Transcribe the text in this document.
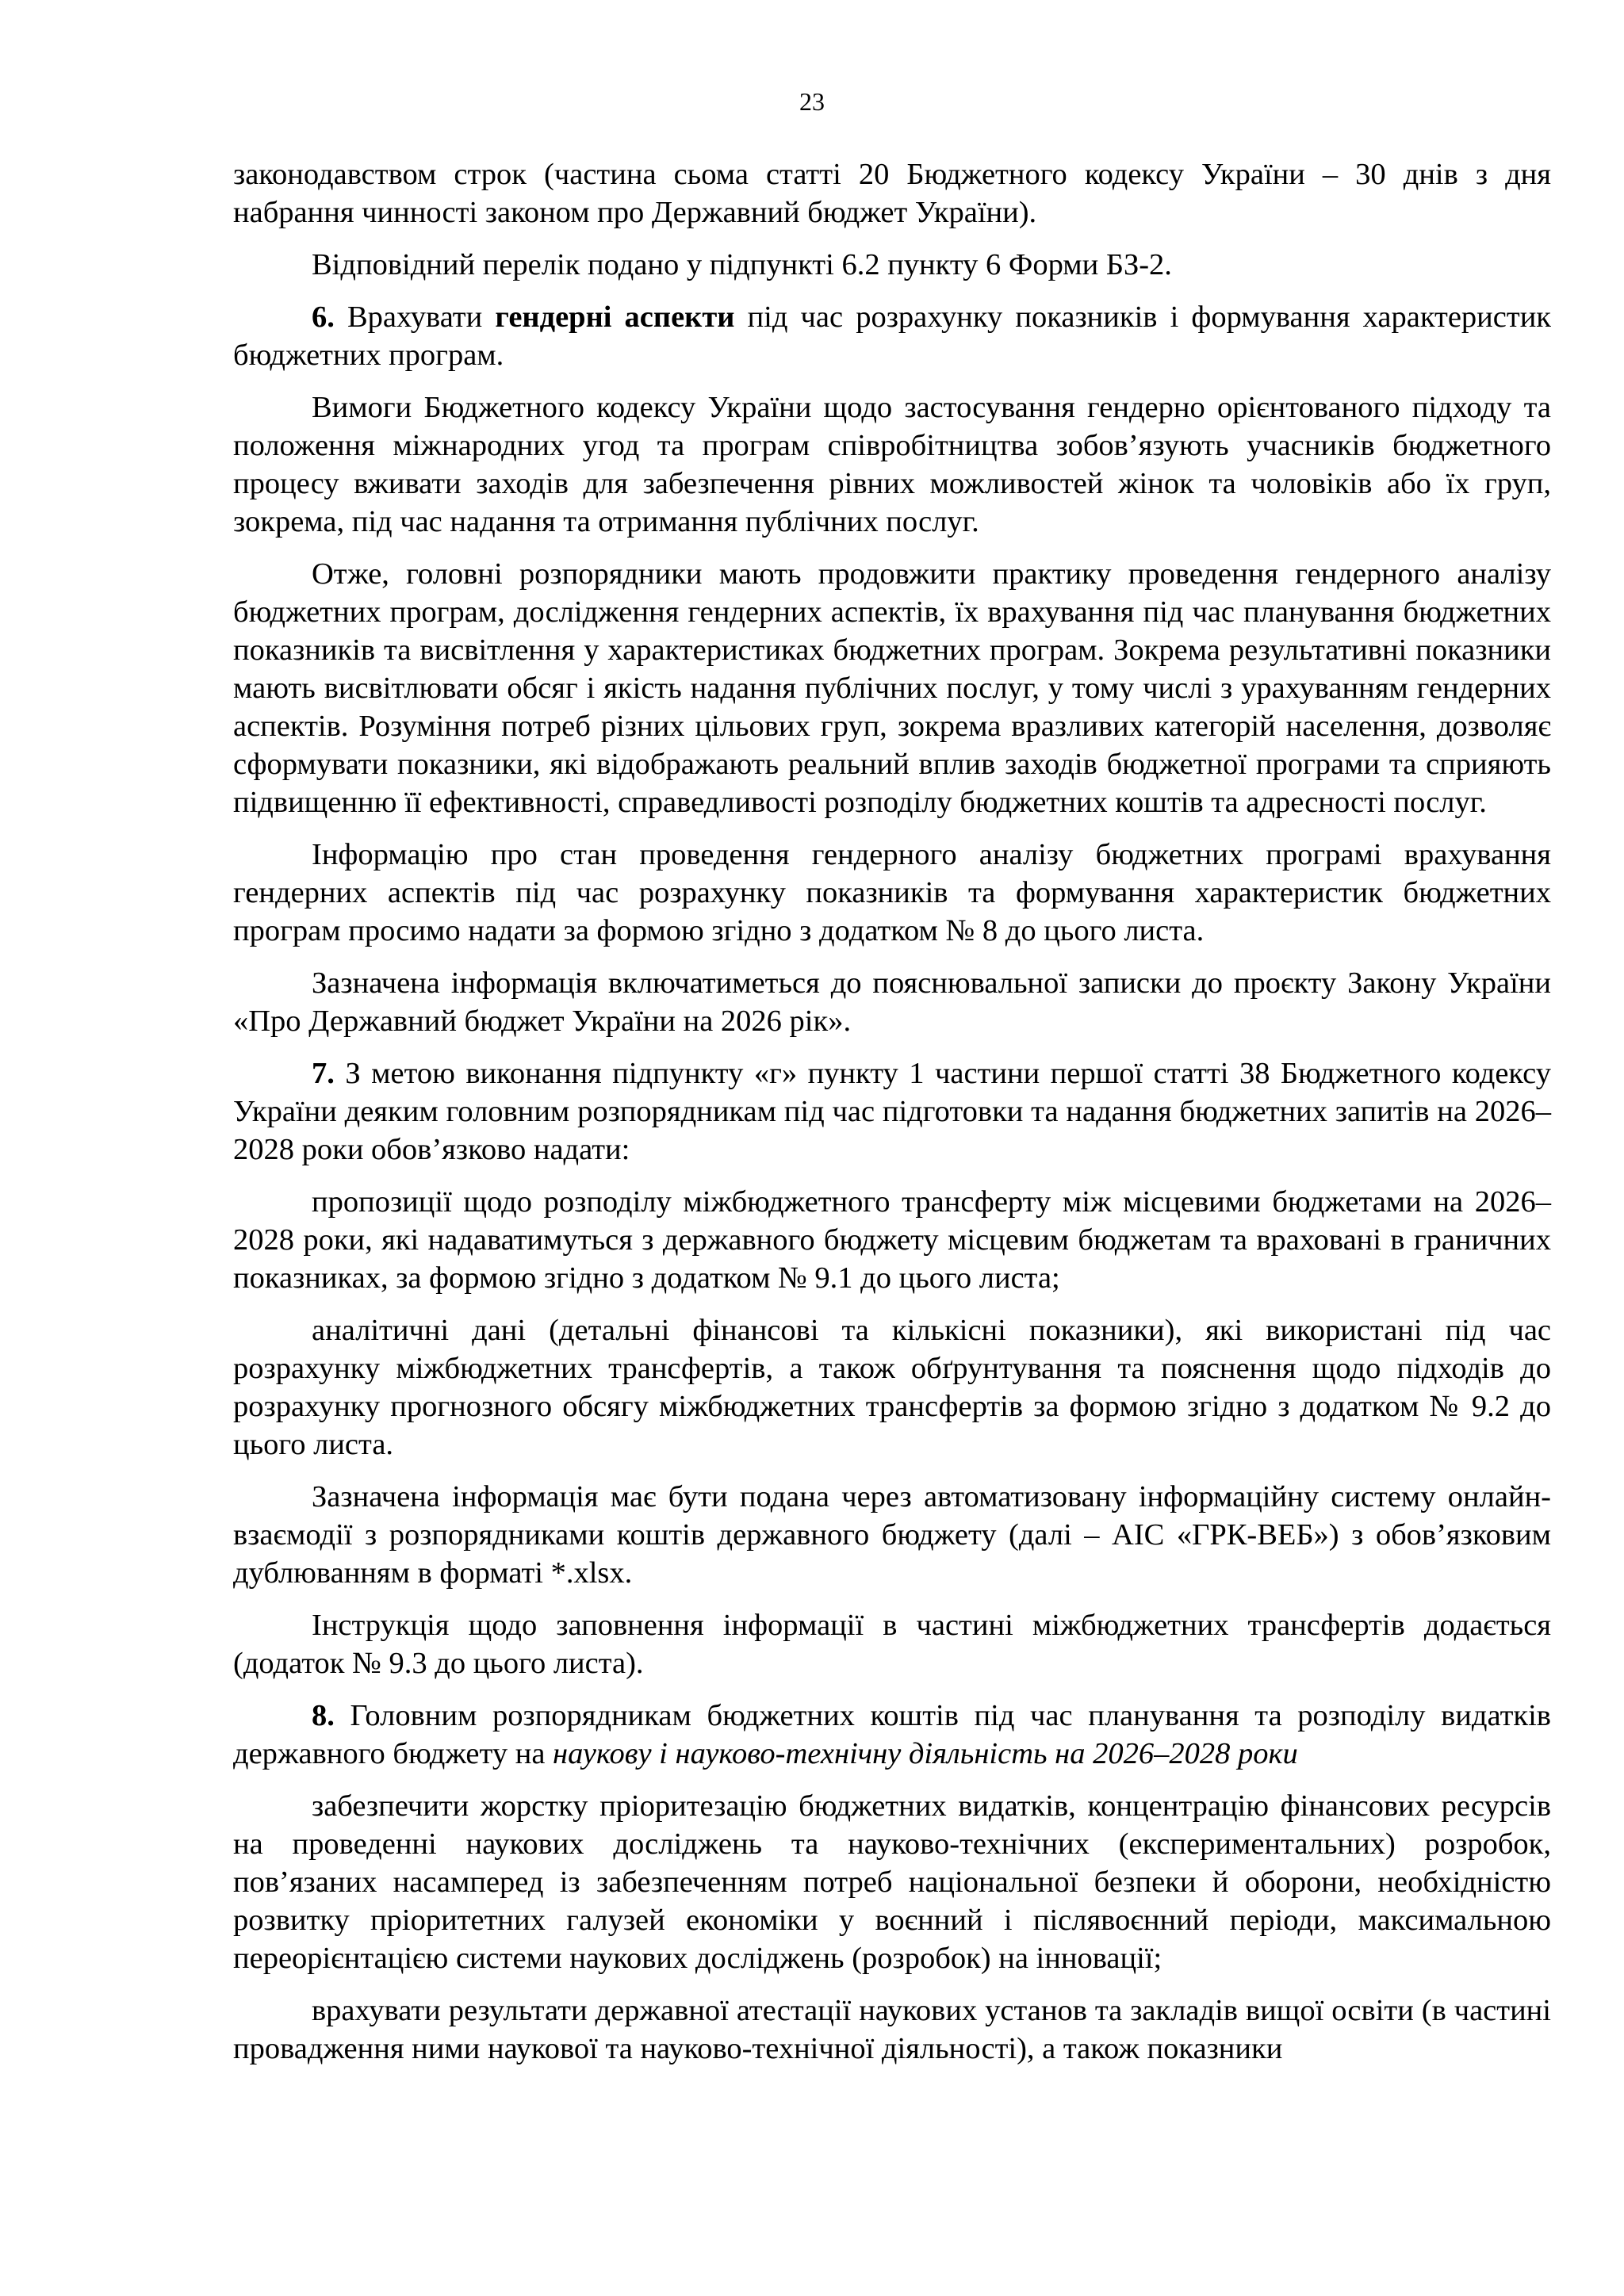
23

законодавством строк (частина сьома статті 20 Бюджетного кодексу України – 30 днів з дня набрання чинності законом про Державний бюджет України).

Відповідний перелік подано у підпункті 6.2 пункту 6 Форми БЗ-2.

6. Врахувати гендерні аспекти під час розрахунку показників і формування характеристик бюджетних програм.

Вимоги Бюджетного кодексу України щодо застосування гендерно орієнтованого підходу та положення міжнародних угод та програм співробітництва зобов’язують учасників бюджетного процесу вживати заходів для забезпечення рівних можливостей жінок та чоловіків або їх груп, зокрема, під час надання та отримання публічних послуг.

Отже, головні розпорядники мають продовжити практику проведення гендерного аналізу бюджетних програм, дослідження гендерних аспектів, їх врахування під час планування бюджетних показників та висвітлення у характеристиках бюджетних програм. Зокрема результативні показники мають висвітлювати обсяг і якість надання публічних послуг, у тому числі з урахуванням гендерних аспектів. Розуміння потреб різних цільових груп, зокрема вразливих категорій населення, дозволяє сформувати показники, які відображають реальний вплив заходів бюджетної програми та сприяють підвищенню її ефективності, справедливості розподілу бюджетних коштів та адресності послуг.

Інформацію про стан проведення гендерного аналізу бюджетних програмі врахування гендерних аспектів під час розрахунку показників та формування характеристик бюджетних програм просимо надати за формою згідно з додатком № 8 до цього листа.

Зазначена інформація включатиметься до пояснювальної записки до проєкту Закону України «Про Державний бюджет України на 2026 рік».

7. З метою виконання підпункту «г» пункту 1 частини першої статті 38 Бюджетного кодексу України деяким головним розпорядникам під час підготовки та надання бюджетних запитів на 2026–2028 роки обов’язково надати:

пропозиції щодо розподілу міжбюджетного трансферту між місцевими бюджетами на 2026–2028 роки, які надаватимуться з державного бюджету місцевим бюджетам та враховані в граничних показниках, за формою згідно з додатком № 9.1 до цього листа;

аналітичні дані (детальні фінансові та кількісні показники), які використані під час розрахунку міжбюджетних трансфертів, а також обґрунтування та пояснення щодо підходів до розрахунку прогнозного обсягу міжбюджетних трансфертів за формою згідно з додатком № 9.2 до цього листа.

Зазначена інформація має бути подана через автоматизовану інформаційну систему онлайн-взаємодії з розпорядниками коштів державного бюджету (далі – АІС «ГРК-ВЕБ») з обов’язковим дублюванням в форматі *.xlsx.

Інструкція щодо заповнення інформації в частині міжбюджетних трансфертів додається (додаток № 9.3 до цього листа).

8. Головним розпорядникам бюджетних коштів під час планування та розподілу видатків державного бюджету на наукову і науково-технічну діяльність на 2026–2028 роки

забезпечити жорстку пріоритезацію бюджетних видатків, концентрацію фінансових ресурсів на проведенні наукових досліджень та науково-технічних (експериментальних) розробок, пов’язаних насамперед із забезпеченням потреб національної безпеки й оборони, необхідністю розвитку пріоритетних галузей економіки у воєнний і післявоєнний періоди, максимальною переорієнтацією системи наукових досліджень (розробок) на інновації;

врахувати результати державної атестації наукових установ та закладів вищої освіти (в частині провадження ними наукової та науково-технічної діяльності), а також показники
